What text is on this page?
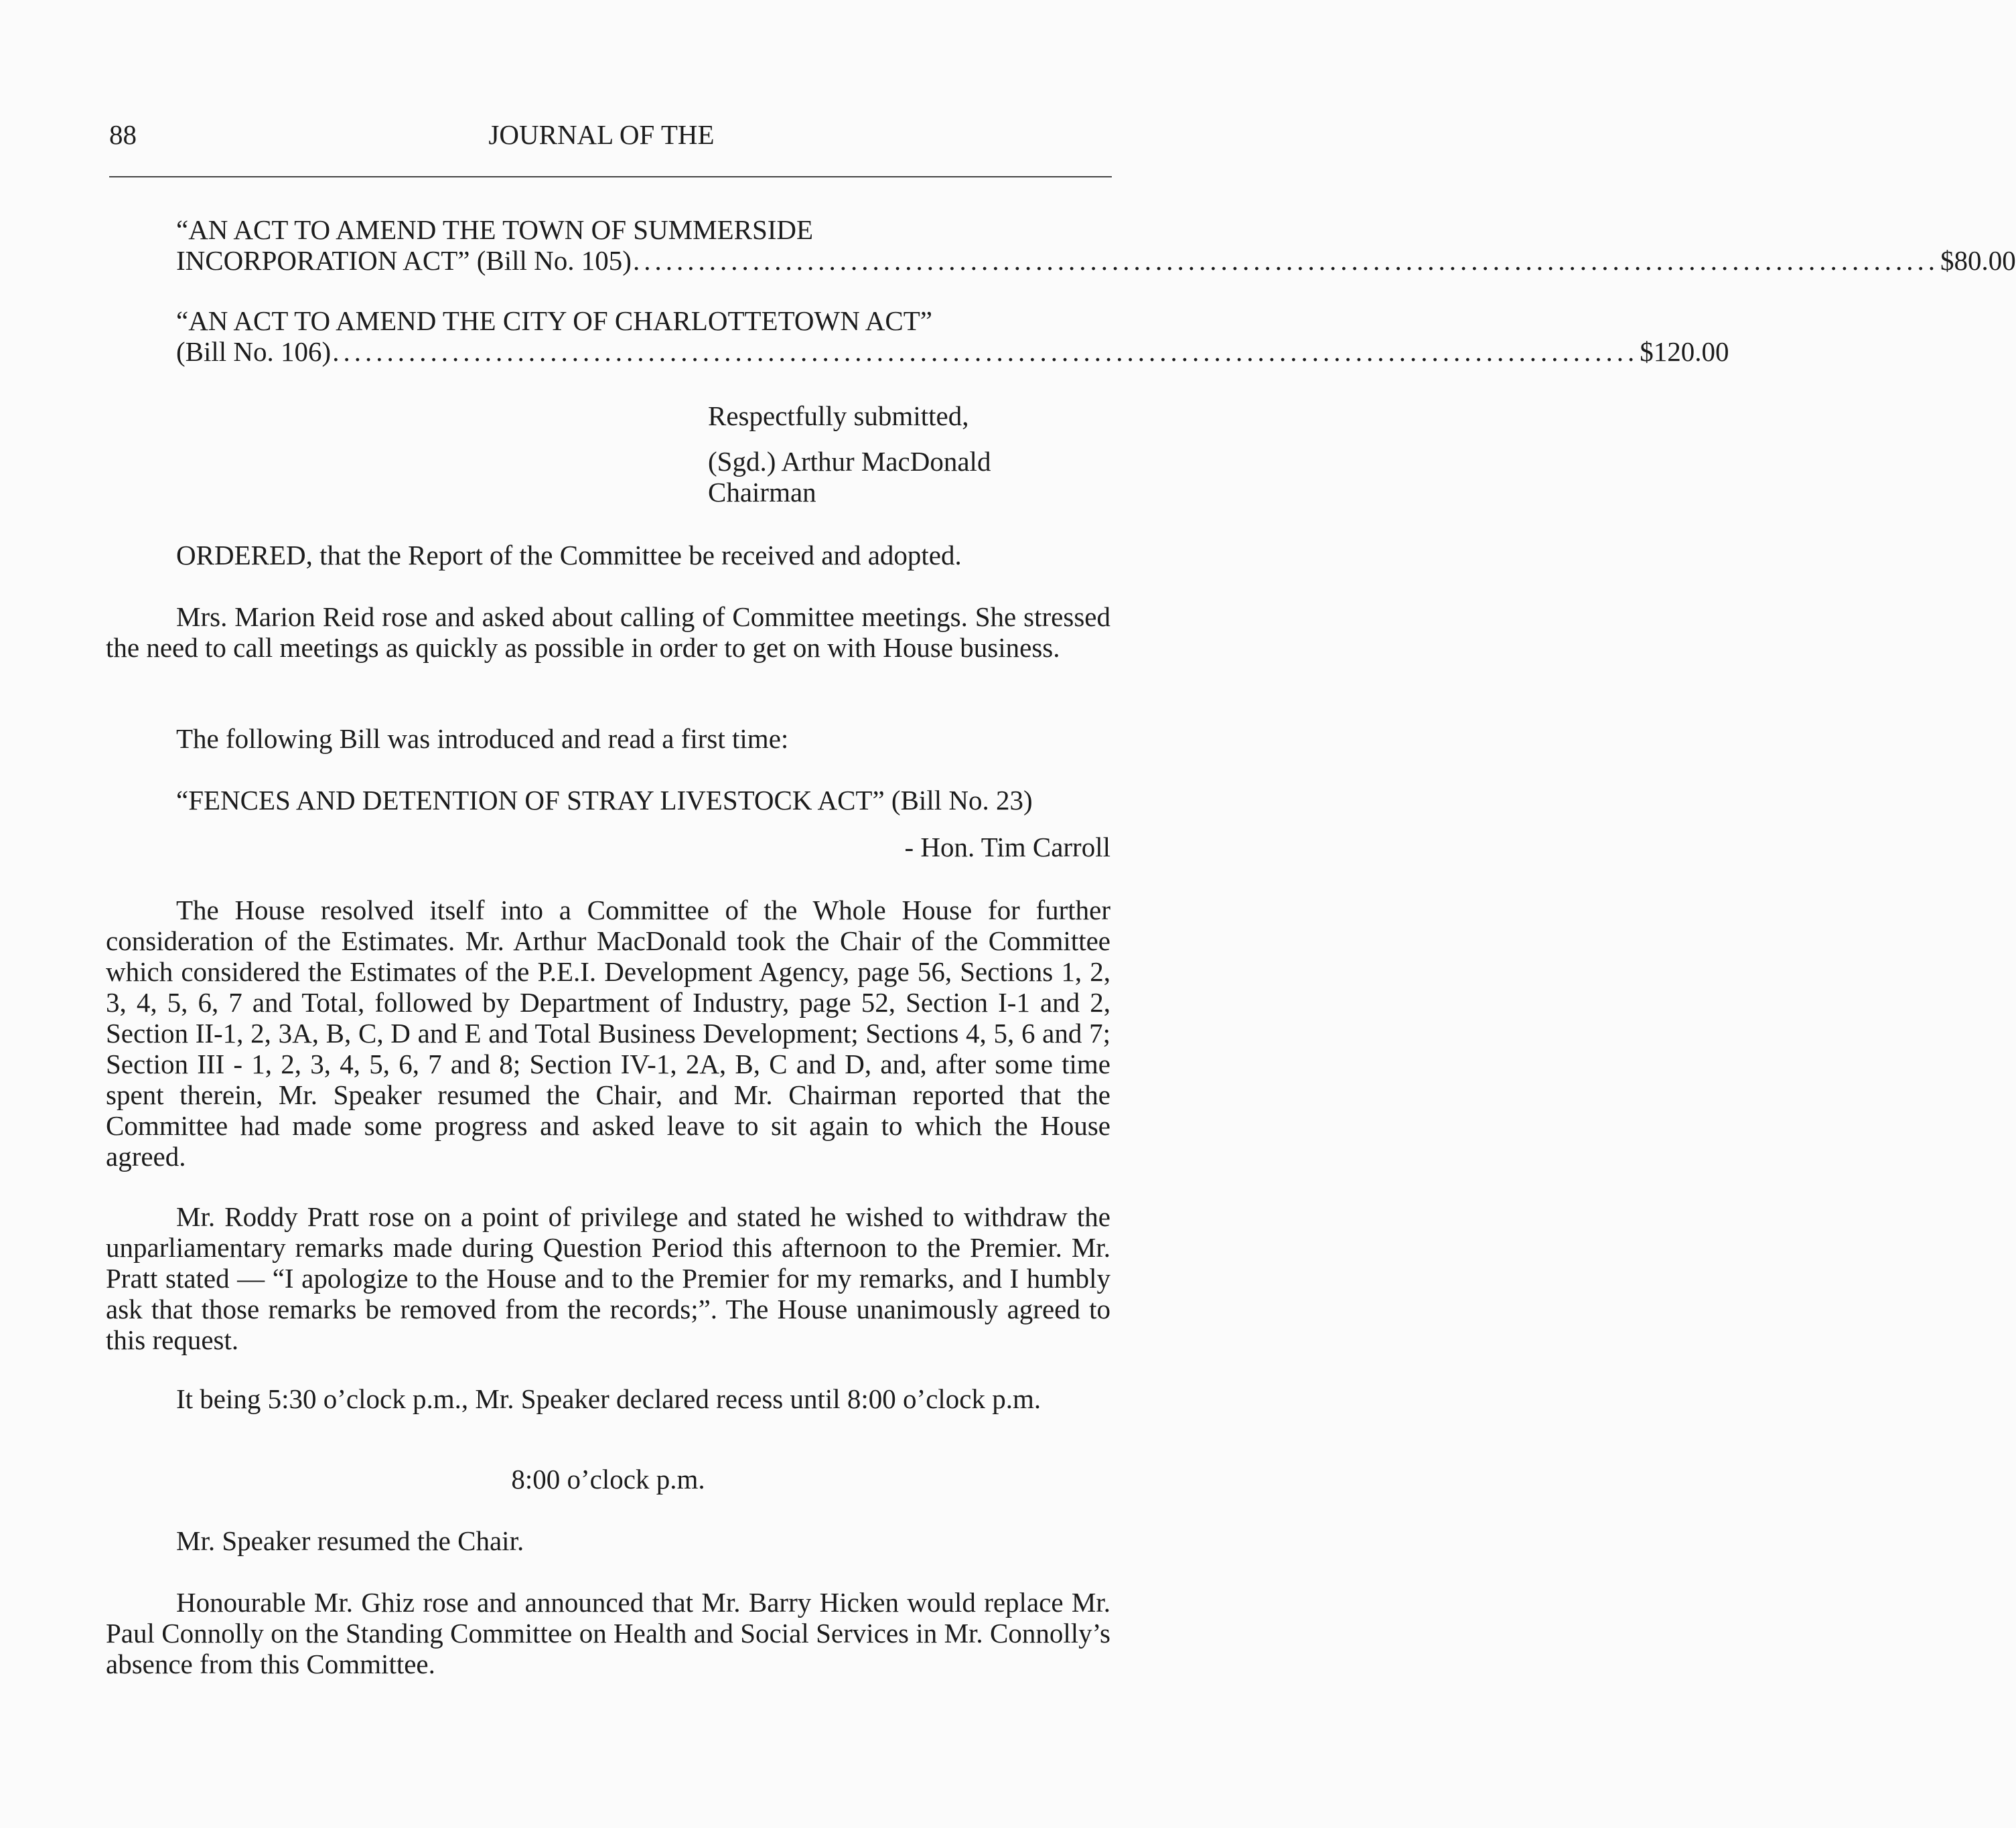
88	JOURNAL OF THE
“AN ACT TO AMEND THE TOWN OF SUMMERSIDE
INCORPORATION ACT” (Bill No. 105) ........................................................................................................................ $80.00
“AN ACT TO AMEND THE CITY OF CHARLOTTETOWN ACT”
(Bill No. 106) ........................................................................................................................ $120.00
Respectfully submitted,
(Sgd.) Arthur MacDonald
Chairman
ORDERED, that the Report of the Committee be received and adopted.

Mrs. Marion Reid rose and asked about calling of Committee meetings. She stressed the need to call meetings as quickly as possible in order to get on with House business.

The following Bill was introduced and read a first time:
“FENCES AND DETENTION OF STRAY LIVESTOCK ACT” (Bill No. 23)
- Hon. Tim Carroll

The House resolved itself into a Committee of the Whole House for further consideration of the Estimates. Mr. Arthur MacDonald took the Chair of the Committee which considered the Estimates of the P.E.I. Development Agency, page 56, Sections 1, 2, 3, 4, 5, 6, 7 and Total, followed by Department of Industry, page 52, Section I-1 and 2, Section II-1, 2, 3A, B, C, D and E and Total Business Development; Sections 4, 5, 6 and 7; Section III - 1, 2, 3, 4, 5, 6, 7 and 8; Section IV-1, 2A, B, C and D, and, after some time spent therein, Mr. Speaker resumed the Chair, and Mr. Chairman reported that the Committee had made some progress and asked leave to sit again to which the House agreed.

Mr. Roddy Pratt rose on a point of privilege and stated he wished to withdraw the unparliamentary remarks made during Question Period this afternoon to the Premier. Mr. Pratt stated — “I apologize to the House and to the Premier for my remarks, and I humbly ask that those remarks be removed from the records;”. The House unanimously agreed to this request.

It being 5:30 o’clock p.m., Mr. Speaker declared recess until 8:00 o’clock p.m.
8:00 o’clock p.m.
Mr. Speaker resumed the Chair.

Honourable Mr. Ghiz rose and announced that Mr. Barry Hicken would replace Mr. Paul Connolly on the Standing Committee on Health and Social Services in Mr. Connolly’s absence from this Committee.
